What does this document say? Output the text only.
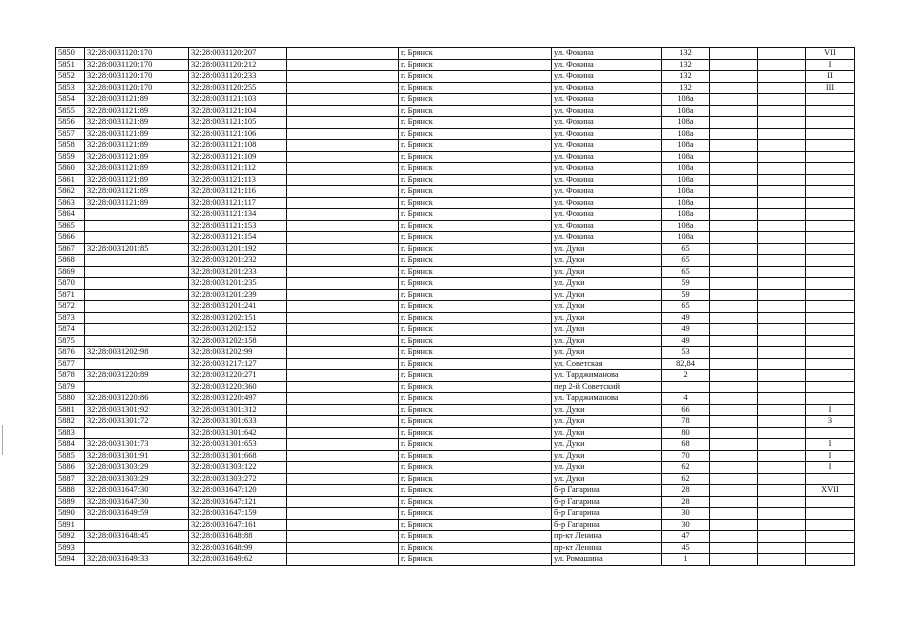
5850	32:28:0031120:170	32:28:0031120:207		г. Брянск	ул. Фокина	132			VII
5851	32:28:0031120:170	32:28:0031120:212		г. Брянск	ул. Фокина	132			I
5852	32:28:0031120:170	32:28:0031120:233		г. Брянск	ул. Фокина	132			II
5853	32:28:0031120:170	32:28:0031120:255		г. Брянск	ул. Фокина	132			III
5854	32:28:0031121:89	32:28:0031121:103		г. Брянск	ул. Фокина	108а			
5855	32:28:0031121:89	32:28:0031121:104		г. Брянск	ул. Фокина	108а			
5856	32:28:0031121:89	32:28:0031121:105		г. Брянск	ул. Фокина	108а			
5857	32:28:0031121:89	32:28:0031121:106		г. Брянск	ул. Фокина	108а			
5858	32:28:0031121:89	32:28:0031121:108		г. Брянск	ул. Фокина	108а			
5859	32:28:0031121:89	32:28:0031121:109		г. Брянск	ул. Фокина	108а			
5860	32:28:0031121:89	32:28:0031121:112		г. Брянск	ул. Фокина	108а			
5861	32:28:0031121:89	32:28:0031121:113		г. Брянск	ул. Фокина	108а			
5862	32:28:0031121:89	32:28:0031121:116		г. Брянск	ул. Фокина	108а			
5863	32:28:0031121:89	32:28:0031121:117		г. Брянск	ул. Фокина	108а			
5864		32:28:0031121:134		г. Брянск	ул. Фокина	108а			
5865		32:28:0031121:153		г. Брянск	ул. Фокина	108а			
5866		32:28:0031121:154		г. Брянск	ул. Фокина	108а			
5867	32:28:0031201:85	32:28:0031201:192		г. Брянск	ул. Дуки	65			
5868		32:28:0031201:232		г. Брянск	ул. Дуки	65			
5869		32:28:0031201:233		г. Брянск	ул. Дуки	65			
5870		32:28:0031201:235		г. Брянск	ул. Дуки	59			
5871		32:28:0031201:239		г. Брянск	ул. Дуки	59			
5872		32:28:0031201:241		г. Брянск	ул. Дуки	65			
5873		32:28:0031202:151		г. Брянск	ул. Дуки	49			
5874		32:28:0031202:152		г. Брянск	ул. Дуки	49			
5875		32:28:0031202:158		г. Брянск	ул. Дуки	49			
5876	32:28:0031202:98	32:28:0031202:99		г. Брянск	ул. Дуки	53			
5877		32:28:0031217:127		г. Брянск	ул. Советская	82,84			
5878	32:28:0031220:89	32:28:0031220:271		г. Брянск	ул. Тарджиманова	2			
5879		32:28:0031220:360		г. Брянск	пер 2-й Советский				
5880	32:28:0031220:86	32:28:0031220:497		г. Брянск	ул. Тарджиманова	4			
5881	32:28:0031301:92	32:28:0031301:312		г. Брянск	ул. Дуки	66			I
5882	32:28:0031301:72	32:28:0031301:633		г. Брянск	ул. Дуки	78			3
5883		32:28:0031301:642		г. Брянск	ул. Дуки	80			
5884	32:28:0031301:73	32:28:0031301:653		г. Брянск	ул. Дуки	68			I
5885	32:28:0031301:91	32:28:0031301:668		г. Брянск	ул. Дуки	70			I
5886	32:28:0031303:29	32:28:0031303:122		г. Брянск	ул. Дуки	62			I
5887	32:28:0031303:29	32:28:0031303:272		г. Брянск	ул. Дуки	62			
5888	32:28:0031647:30	32:28:0031647:120		г. Брянск	б-р Гагарина	28			XVII
5889	32:28:0031647:30	32:28:0031647:121		г. Брянск	б-р Гагарина	28			
5890	32:28:0031649:59	32:28:0031647:159		г. Брянск	б-р Гагарина	30			
5891		32:28:0031647:161		г. Брянск	б-р Гагарина	30			
5892	32:28:0031648:45	32:28:0031648:88		г. Брянск	пр-кт Ленина	47			
5893		32:28:0031648:99		г. Брянск	пр-кт Ленина	45			
5894	32:28:0031649:33	32:28:0031649:62		г. Брянск	ул. Ромашина	1			
